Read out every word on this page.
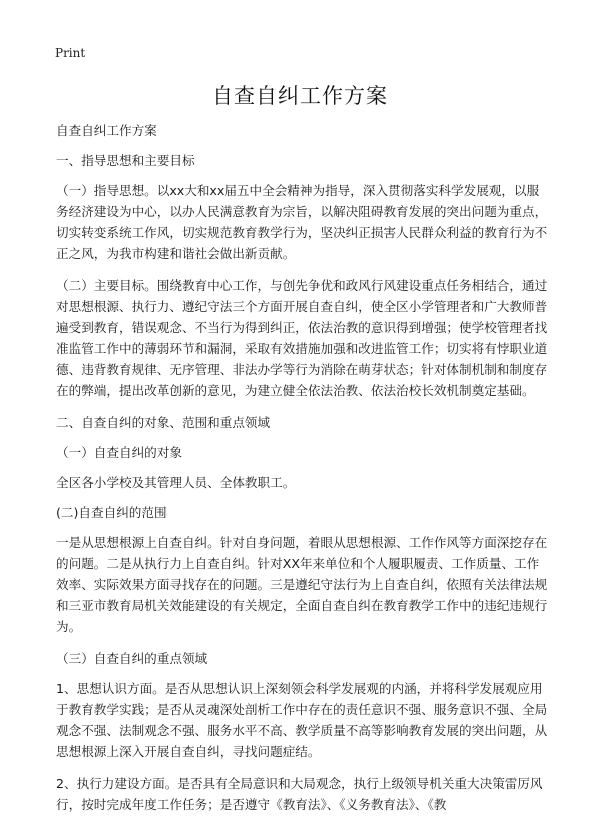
Print
自查自纠工作方案

自查自纠工作方案

一、指导思想和主要目标

（一）指导思想。以xx大和xx届五中全会精神为指导，深入贯彻落实科学发展观，以服务经济建设为中心，以办人民满意教育为宗旨，以解决阻碍教育发展的突出问题为重点，切实转变系统工作风，切实规范教育教学行为，坚决纠正损害人民群众利益的教育行为不正之风，为我市构建和谐社会做出新贡献。

（二）主要目标。围绕教育中心工作，与创先争优和政风行风建设重点任务相结合，通过对思想根源、执行力、遵纪守法三个方面开展自查自纠，使全区小学管理者和广大教师普遍受到教育，错误观念、不当行为得到纠正，依法治教的意识得到增强；使学校管理者找准监管工作中的薄弱环节和漏洞，采取有效措施加强和改进监管工作；切实将有悖职业道德、违背教育规律、无序管理、非法办学等行为消除在萌芽状态；针对体制机制和制度存在的弊端，提出改革创新的意见，为建立健全依法治教、依法治校长效机制奠定基础。

二、自查自纠的对象、范围和重点领域

（一）自查自纠的对象

全区各小学校及其管理人员、全体教职工。

(二)自查自纠的范围

一是从思想根源上自查自纠。针对自身问题，着眼从思想根源、工作作风等方面深挖存在的问题。二是从执行力上自查自纠。针对XX年来单位和个人履职履责、工作质量、工作效率、实际效果方面寻找存在的问题。三是遵纪守法行为上自查自纠，依照有关法律法规和三亚市教育局机关效能建设的有关规定，全面自查自纠在教育教学工作中的违纪违规行为。

（三）自查自纠的重点领域

1、思想认识方面。是否从思想认识上深刻领会科学发展观的内涵，并将科学发展观应用于教育教学实践；是否从灵魂深处剖析工作中存在的责任意识不强、服务意识不强、全局观念不强、法制观念不强、服务水平不高、教学质量不高等影响教育发展的突出问题，从思想根源上深入开展自查自纠，寻找问题症结。

2、执行力建设方面。是否具有全局意识和大局观念，执行上级领导机关重大决策雷厉风行，按时完成年度工作任务；是否遵守《教育法》、《义务教育法》、《教
